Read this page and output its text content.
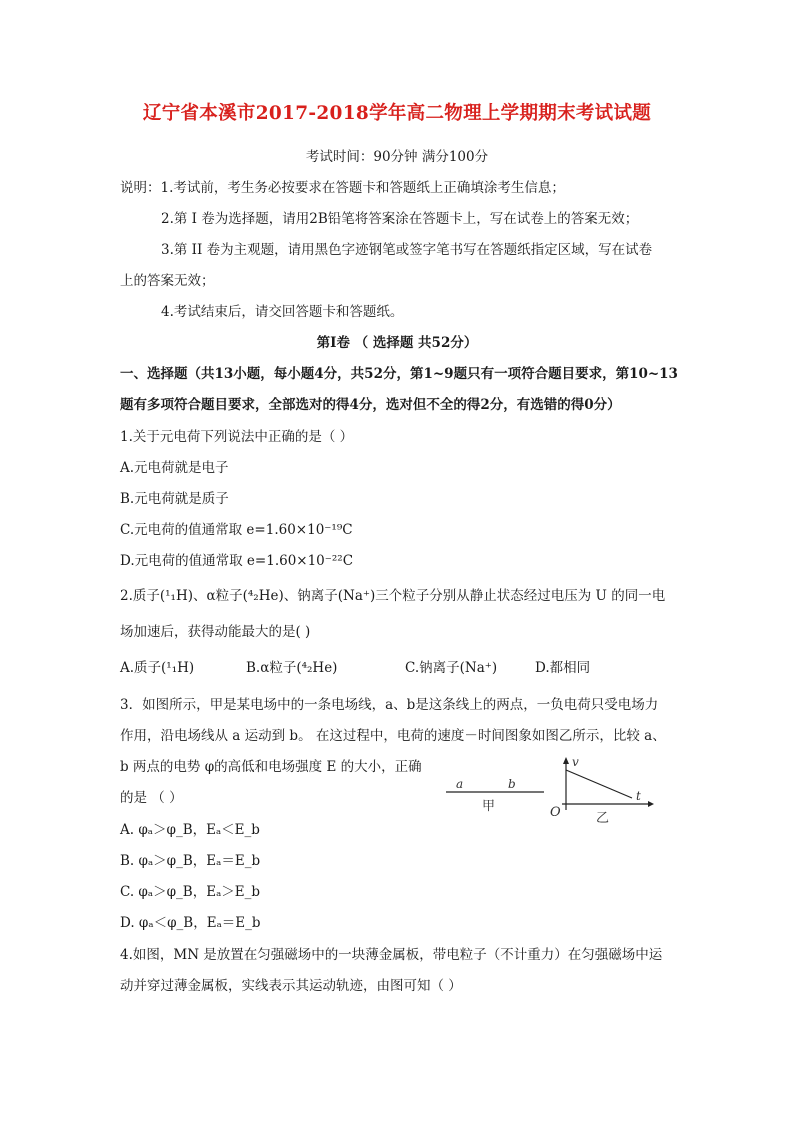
辽宁省本溪市2017-2018学年高二物理上学期期末考试试题
考试时间：90分钟 满分100分
说明：1.考试前，考生务必按要求在答题卡和答题纸上正确填涂考生信息；
2.第 I 卷为选择题，请用2B铅笔将答案涂在答题卡上，写在试卷上的答案无效；
3.第 II 卷为主观题，请用黑色字迹钢笔或签字笔书写在答题纸指定区域，写在试卷
上的答案无效；
4.考试结束后，请交回答题卡和答题纸。
第Ⅰ卷 （ 选择题 共52分）
一、选择题（共13小题，每小题4分，共52分，第1~9题只有一项符合题目要求，第10~13
题有多项符合题目要求，全部选对的得4分，选对但不全的得2分，有选错的得0分）
1.关于元电荷下列说法中正确的是（ ）
A.元电荷就是电子
B.元电荷就是质子
C.元电荷的值通常取 e=1.60×10⁻¹⁹C
D.元电荷的值通常取 e=1.60×10⁻²²C
2.质子(¹₁H)、α粒子(⁴₂He)、钠离子(Na⁺)三个粒子分别从静止状态经过电压为 U 的同一电
场加速后，获得动能最大的是( )
A.质子(¹₁H)	B.α粒子(⁴₂He)	C.钠离子(Na⁺)	D.都相同
3．如图所示，甲是某电场中的一条电场线，a、b是这条线上的两点，一负电荷只受电场力
作用，沿电场线从 a 运动到 b。 在这过程中，电荷的速度－时间图象如图乙所示，比较 a、
b 两点的电势 φ的高低和电场强度 E 的大小，正确
的是 （ ）
A. φₐ＞φ_B，Eₐ＜E_b
B. φₐ＞φ_B，Eₐ＝E_b
C. φₐ＞φ_B，Eₐ＞E_b
D. φₐ＜φ_B，Eₐ＝E_b
a	b
甲
v
t
O	乙
4.如图，MN 是放置在匀强磁场中的一块薄金属板，带电粒子（不计重力）在匀强磁场中运
动并穿过薄金属板，实线表示其运动轨迹，由图可知（ ）
